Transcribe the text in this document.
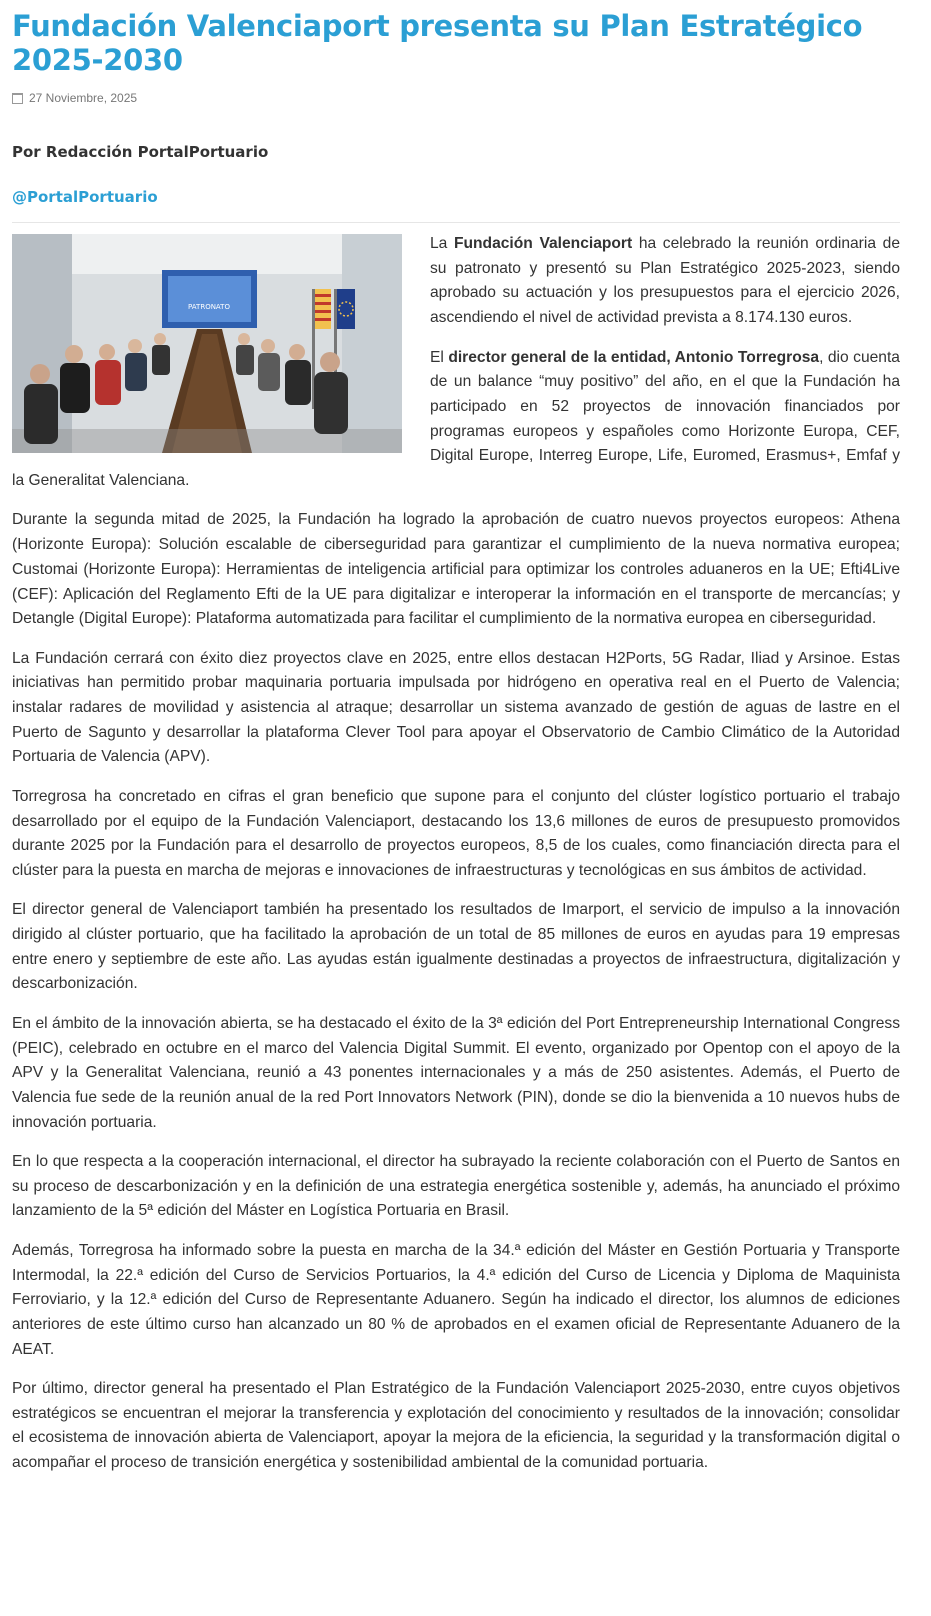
Fundación Valenciaport presenta su Plan Estratégico 2025-2030
27 Noviembre, 2025
Por Redacción PortalPortuario
@PortalPortuario
PATRONATO

La Fundación Valenciaport ha celebrado la reunión ordinaria de su patronato y presentó su Plan Estratégico 2025-2023, siendo aprobado su actuación y los presupuestos para el ejercicio 2026, ascendiendo el nivel de actividad prevista a 8.174.130 euros.

El director general de la entidad, Antonio Torregrosa, dio cuenta de un balance “muy positivo” del año, en el que la Fundación ha participado en 52 proyectos de innovación financiados por programas europeos y españoles como Horizonte Europa, CEF, Digital Europe, Interreg Europe, Life, Euromed, Erasmus+, Emfaf y la Generalitat Valenciana.

Durante la segunda mitad de 2025, la Fundación ha logrado la aprobación de cuatro nuevos proyectos europeos: Athena (Horizonte Europa): Solución escalable de ciberseguridad para garantizar el cumplimiento de la nueva normativa europea; Customai (Horizonte Europa): Herramientas de inteligencia artificial para optimizar los controles aduaneros en la UE; Efti4Live (CEF): Aplicación del Reglamento Efti de la UE para digitalizar e interoperar la información en el transporte de mercancías; y Detangle (Digital Europe): Plataforma automatizada para facilitar el cumplimiento de la normativa europea en ciberseguridad.

La Fundación cerrará con éxito diez proyectos clave en 2025, entre ellos destacan H2Ports, 5G Radar, Iliad y Arsinoe. Estas iniciativas han permitido probar maquinaria portuaria impulsada por hidrógeno en operativa real en el Puerto de Valencia; instalar radares de movilidad y asistencia al atraque; desarrollar un sistema avanzado de gestión de aguas de lastre en el Puerto de Sagunto y desarrollar la plataforma Clever Tool para apoyar el Observatorio de Cambio Climático de la Autoridad Portuaria de Valencia (APV).

Torregrosa ha concretado en cifras el gran beneficio que supone para el conjunto del clúster logístico portuario el trabajo desarrollado por el equipo de la Fundación Valenciaport, destacando los 13,6 millones de euros de presupuesto promovidos durante 2025 por la Fundación para el desarrollo de proyectos europeos, 8,5 de los cuales, como financiación directa para el clúster para la puesta en marcha de mejoras e innovaciones de infraestructuras y tecnológicas en sus ámbitos de actividad.

El director general de Valenciaport también ha presentado los resultados de Imarport, el servicio de impulso a la innovación dirigido al clúster portuario, que ha facilitado la aprobación de un total de 85 millones de euros en ayudas para 19 empresas entre enero y septiembre de este año. Las ayudas están igualmente destinadas a proyectos de infraestructura, digitalización y descarbonización.

En el ámbito de la innovación abierta, se ha destacado el éxito de la 3ª edición del Port Entrepreneurship International Congress (PEIC), celebrado en octubre en el marco del Valencia Digital Summit. El evento, organizado por Opentop con el apoyo de la APV y la Generalitat Valenciana, reunió a 43 ponentes internacionales y a más de 250 asistentes. Además, el Puerto de Valencia fue sede de la reunión anual de la red Port Innovators Network (PIN), donde se dio la bienvenida a 10 nuevos hubs de innovación portuaria.

En lo que respecta a la cooperación internacional, el director ha subrayado la reciente colaboración con el Puerto de Santos en su proceso de descarbonización y en la definición de una estrategia energética sostenible y, además, ha anunciado el próximo lanzamiento de la 5ª edición del Máster en Logística Portuaria en Brasil.

Además, Torregrosa ha informado sobre la puesta en marcha de la 34.ª edición del Máster en Gestión Portuaria y Transporte Intermodal, la 22.ª edición del Curso de Servicios Portuarios, la 4.ª edición del Curso de Licencia y Diploma de Maquinista Ferroviario, y la 12.ª edición del Curso de Representante Aduanero. Según ha indicado el director, los alumnos de ediciones anteriores de este último curso han alcanzado un 80 % de aprobados en el examen oficial de Representante Aduanero de la AEAT.

Por último, director general ha presentado el Plan Estratégico de la Fundación Valenciaport 2025-2030, entre cuyos objetivos estratégicos se encuentran el mejorar la transferencia y explotación del conocimiento y resultados de la innovación; consolidar el ecosistema de innovación abierta de Valenciaport, apoyar la mejora de la eficiencia, la seguridad y la transformación digital o acompañar el proceso de transición energética y sostenibilidad ambiental de la comunidad portuaria.
